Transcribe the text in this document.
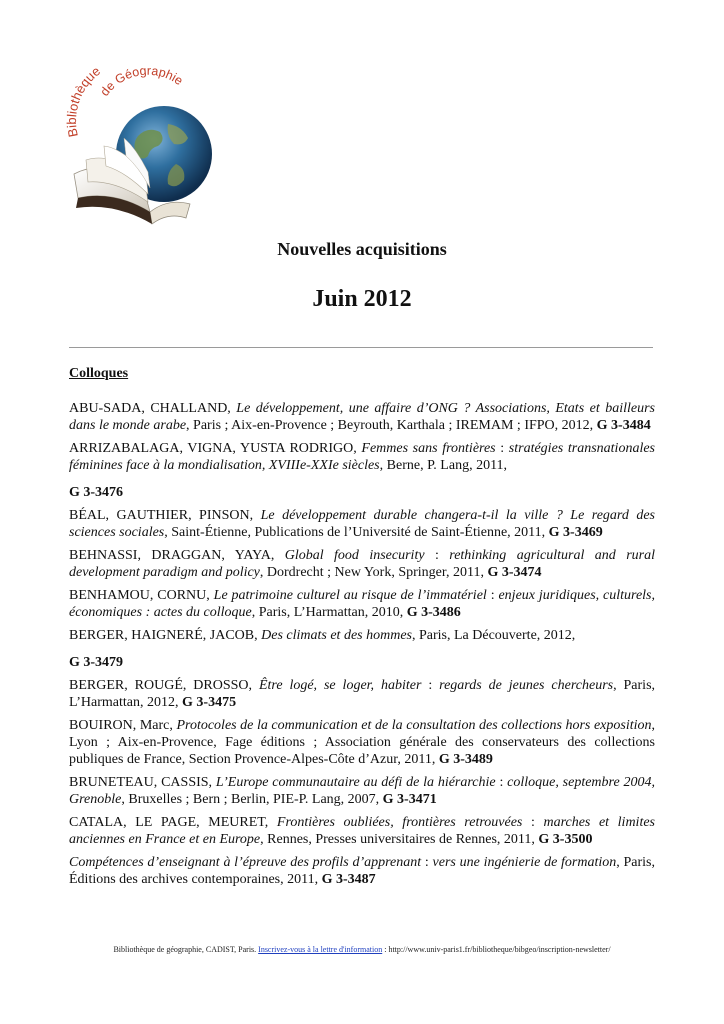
Bibliothèque
de Géographie
Nouvelles acquisitions
Juin 2012
Colloques

ABU-SADA, CHALLAND, Le développement, une affaire d’ONG ? Associations, Etats et bailleurs dans le monde arabe, Paris ; Aix-en-Provence ; Beyrouth, Karthala ; IREMAM ; IFPO, 2012, G 3-3484

ARRIZABALAGA, VIGNA, YUSTA RODRIGO, Femmes sans frontières : stratégies transnationales féminines face à la mondialisation, XVIIIe-XXIe siècles, Berne, P. Lang, 2011,
G 3-3476

BÉAL, GAUTHIER, PINSON, Le développement durable changera-t-il la ville ? Le regard des sciences sociales, Saint-Étienne, Publications de l’Université de Saint-Étienne, 2011, G 3-3469

BEHNASSI, DRAGGAN, YAYA, Global food insecurity : rethinking agricultural and rural development paradigm and policy, Dordrecht ; New York, Springer, 2011, G 3-3474

BENHAMOU, CORNU, Le patrimoine culturel au risque de l’immatériel : enjeux juridiques, culturels, économiques : actes du colloque, Paris, L’Harmattan, 2010, G 3-3486

BERGER, HAIGNERÉ, JACOB, Des climats et des hommes, Paris, La Découverte, 2012,
G 3-3479

BERGER, ROUGÉ, DROSSO, Être logé, se loger, habiter : regards de jeunes chercheurs, Paris, L’Harmattan, 2012, G 3-3475

BOUIRON, Marc, Protocoles de la communication et de la consultation des collections hors exposition, Lyon ; Aix-en-Provence, Fage éditions ; Association générale des conservateurs des collections publiques de France, Section Provence-Alpes-Côte d’Azur, 2011, G 3-3489

BRUNETEAU, CASSIS, L’Europe communautaire au défi de la hiérarchie : colloque, septembre 2004, Grenoble, Bruxelles ; Bern ; Berlin, PIE-P. Lang, 2007, G 3-3471

CATALA, LE PAGE, MEURET, Frontières oubliées, frontières retrouvées : marches et limites anciennes en France et en Europe, Rennes, Presses universitaires de Rennes, 2011, G 3-3500

Compétences d’enseignant à l’épreuve des profils d’apprenant : vers une ingénierie de formation, Paris, Éditions des archives contemporaines, 2011, G 3-3487

Bibliothèque de géographie, CADIST, Paris. Inscrivez-vous à la lettre d'information : http://www.univ-paris1.fr/bibliotheque/bibgeo/inscription-newsletter/
